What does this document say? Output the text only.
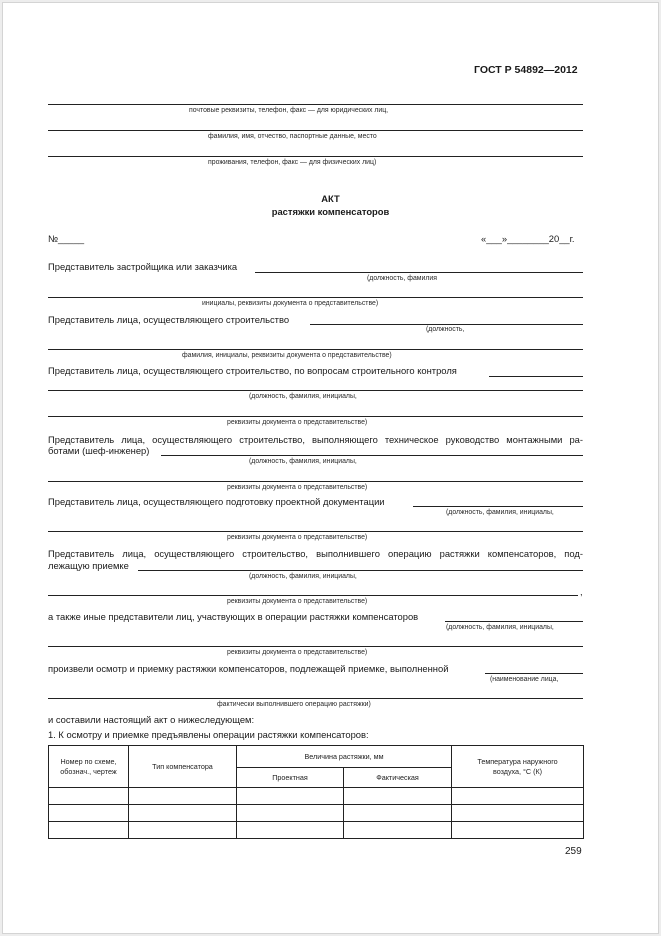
ГОСТ Р 54892—2012
почтовые реквизиты, телефон, факс — для юридических лиц,
фамилия, имя, отчество, паспортные данные, место
проживания, телефон, факс — для физических лиц)
АКТ
растяжки компенсаторов
№_____	«___»________20__г.
Представитель застройщика или заказчика
(должность, фамилия
инициалы, реквизиты документа о представительстве)
Представитель лица, осуществляющего строительство
(должность,
фамилия, инициалы, реквизиты документа о представительстве)
Представитель лица, осуществляющего строительство, по вопросам строительного контроля
(должность, фамилия, инициалы,
реквизиты документа о представительстве)
Представитель лица, осуществляющего строительство, выполняющего техническое руководство монтажными ра-
ботами (шеф-инженер)
(должность, фамилия, инициалы,
реквизиты документа о представительстве)
Представитель лица, осуществляющего подготовку проектной документации
(должность, фамилия, инициалы,
реквизиты документа о представительстве)
Представитель лица, осуществляющего строительство, выполнившего операцию растяжки компенсаторов, под-
лежащую приемке
(должность, фамилия, инициалы,
,
реквизиты документа о представительстве)
а также иные представители лиц, участвующих в операции растяжки компенсаторов
(должность, фамилия, инициалы,
реквизиты документа о представительстве)
произвели осмотр и приемку растяжки компенсаторов, подлежащей приемке, выполненной
(наименование лица,
фактически выполнившего операцию растяжки)
и составили настоящий акт о нижеследующем:
1. К осмотру и приемке предъявлены операции растяжки компенсаторов:
Номер по схеме, обознач., чертеж	Тип компенсатора	Величина растяжки, мм		Температура наружного воздуха, °С (К)
		Проектная	Фактическая	

259
